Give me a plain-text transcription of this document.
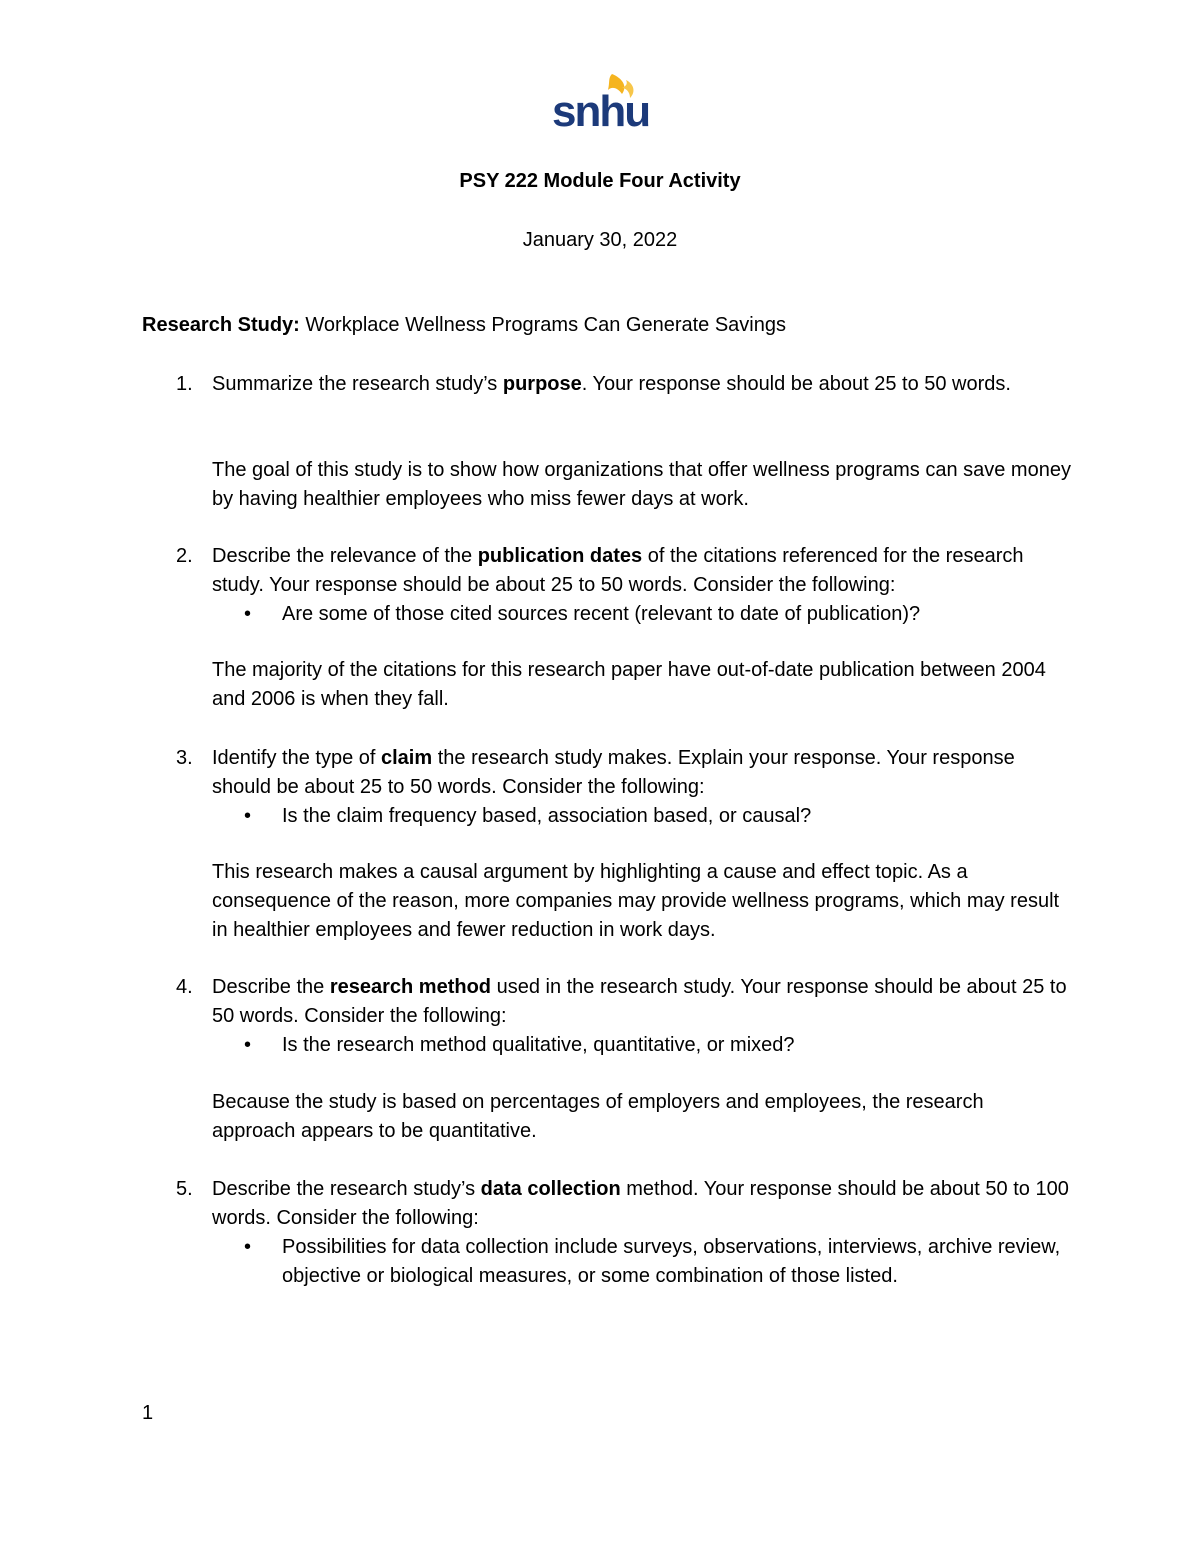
snhu
PSY 222 Module Four Activity
January 30, 2022
Research Study: Workplace Wellness Programs Can Generate Savings
1. Summarize the research study’s purpose. Your response should be about 25 to 50 words.
The goal of this study is to show how organizations that offer wellness programs can save money by having healthier employees who miss fewer days at work.
2. Describe the relevance of the publication dates of the citations referenced for the research study. Your response should be about 25 to 50 words. Consider the following:

• Are some of those cited sources recent (relevant to date of publication)?

The majority of the citations for this research paper have out-of-date publication between 2004 and 2006 is when they fall.
3. Identify the type of claim the research study makes. Explain your response. Your response should be about 25 to 50 words. Consider the following:

• Is the claim frequency based, association based, or causal?

This research makes a causal argument by highlighting a cause and effect topic. As a consequence of the reason, more companies may provide wellness programs, which may result in healthier employees and fewer reduction in work days.
4. Describe the research method used in the research study. Your response should be about 25 to 50 words. Consider the following:

• Is the research method qualitative, quantitative, or mixed?

Because the study is based on percentages of employers and employees, the research approach appears to be quantitative.
5. Describe the research study’s data collection method. Your response should be about 50 to 100 words. Consider the following:

• Possibilities for data collection include surveys, observations, interviews, archive review, objective or biological measures, or some combination of those listed.

1
